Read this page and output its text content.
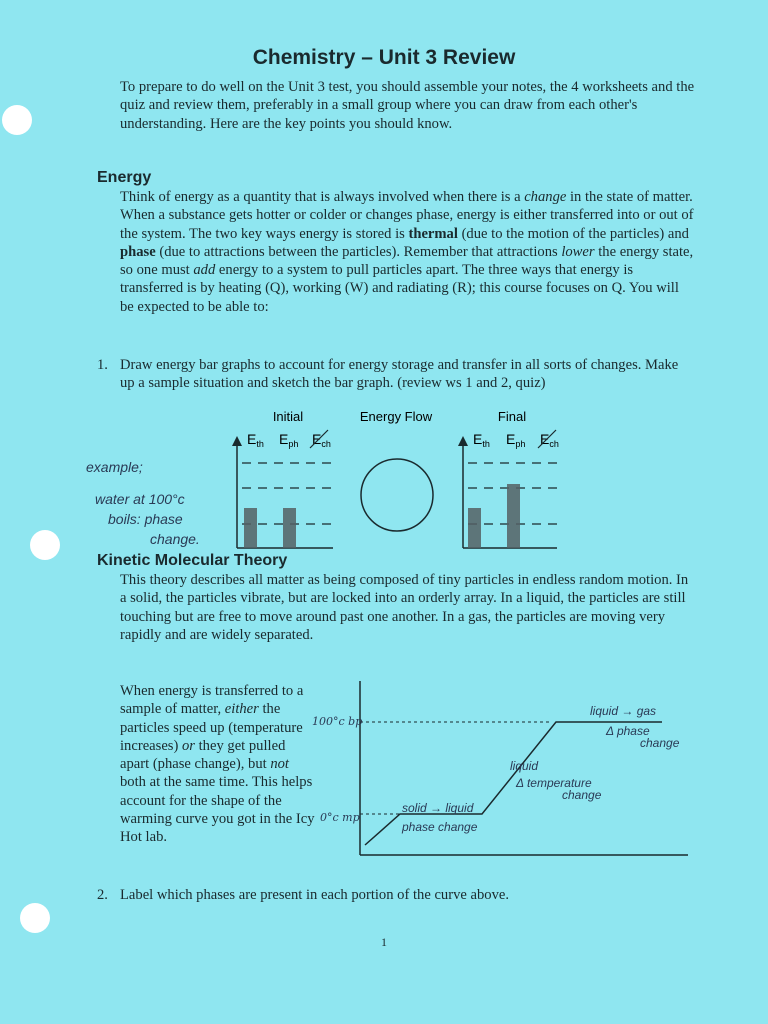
Chemistry – Unit 3 Review

To prepare to do well on the Unit 3 test, you should assemble your notes, the 4 worksheets and the quiz and review them, preferably in a small group where you can draw from each other's understanding. Here are the key points you should know.

Energy

Think of energy as a quantity that is always involved when there is a change in the state of matter. When a substance gets hotter or colder or changes phase, energy is either transferred into or out of the system. The two key ways energy is stored is thermal (due to the motion of the particles) and phase (due to attractions between the particles). Remember that attractions lower the energy state, so one must add energy to a system to pull particles apart. The three ways that energy is transferred is by heating (Q), working (W) and radiating (R); this course focuses on Q. You will be expected to be able to:

1. Draw energy bar graphs to account for energy storage and transfer in all sorts of changes. Make up a sample situation and sketch the bar graph. (review ws 1 and 2, quiz)

Initial	Energy Flow	Final
$E_{th}$ $E_{ph}$ $E_{ch}$	$E_{th}$ $E_{ph}$ $E_{ch}$
example;
water at 100°c
boils: phase
change.
Kinetic Molecular Theory

This theory describes all matter as being composed of tiny particles in endless random motion. In a solid, the particles vibrate, but are locked into an orderly array. In a liquid, the particles are still touching but are free to move around past one another. In a gas, the particles are moving very rapidly and are widely separated.

When energy is transferred to a sample of matter, either the particles speed up (temperature increases) or they get pulled apart (phase change), but not both at the same time. This helps account for the shape of the warming curve you got in the Icy Hot lab.

100°c bp
0°c mp
liquid → gas
Δ phase
change
liquid
Δ temperature
change
solid → liquid
phase change
2. Label which phases are present in each portion of the curve above.

1
